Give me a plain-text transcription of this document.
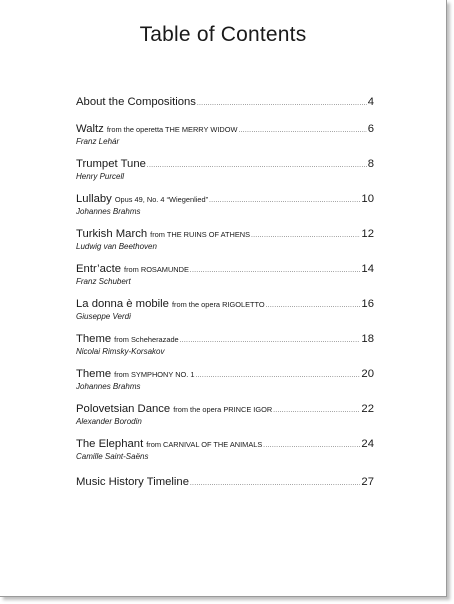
Table of Contents
About the Compositions .....	4
Waltz from the operetta THE MERRY WIDOW .....	6
Franz Lehár
Trumpet Tune .....	8
Henry Purcell
Lullaby Opus 49, No. 4 “Wiegenlied” .....	10
Johannes Brahms
Turkish March from THE RUINS OF ATHENS .....	12
Ludwig van Beethoven
Entr’acte from ROSAMUNDE .....	14
Franz Schubert
La donna è mobile from the opera RIGOLETTO .....	16
Giuseppe Verdi
Theme from Scheherazade .....	18
Nicolai Rimsky-Korsakov
Theme from SYMPHONY NO. 1 .....	20
Johannes Brahms
Polovetsian Dance from the opera PRINCE IGOR .....	22
Alexander Borodin
The Elephant from CARNIVAL OF THE ANIMALS .....	24
Camille Saint-Saëns
Music History Timeline .....	27
